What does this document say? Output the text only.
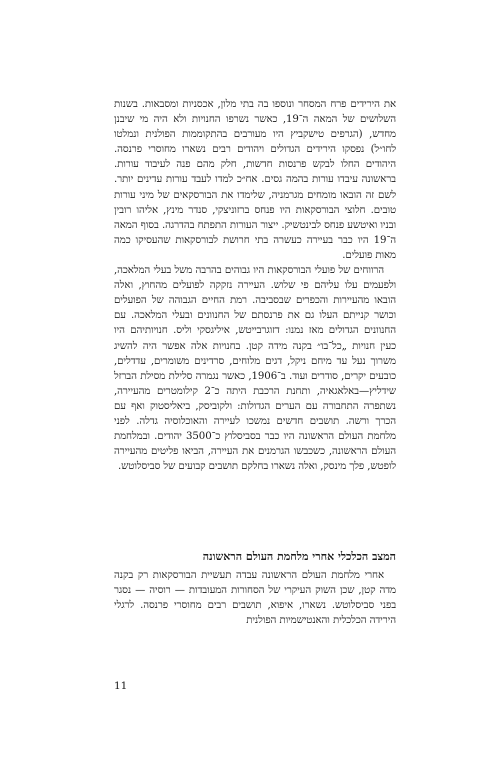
את הירידים פרח המסחר ונוספו בה בתי מלון, אכסניות ומסבאות. בשנות השלושים של המאה ה־19, כאשר נשרפו החנויות ולא היה מי שיבנן מחדש, (הגרפים טישקביץ היו מעורבים בהתקוממות הפולנית ונמלטו לחו״ל) נפסקו הירידים הגדולים ויהודים רבים נשארו מחוסרי פרנסה. היהודים החלו לבקש פרנסות חדשות, חלק מהם פנה לעיבוד עורות. בראשונה עיבדו עורות בהמה גסים. אח״כ למדו לעבד עורות עדינים יותר. לשם זה הובאו מומחים מגרמניה, שלימדו את הבורסקאים של מיני עורות טובים. חלוצי הבורסקאות היו פנחס ברזוניצקי, סנדר מינץ, אליהו רובין ובניו ואיטשע פנחס לבינטשיק. ייצור העורות התפתח בהדרגה. בסוף המאה ה־19 היו כבר בעיירה כעשרה בתי חרושת לבורסקאות שהעסיקו כמה מאות פועלים.

הרווחים של פועלי הבורסקאות היו גבוהים בהרבה משל בעלי המלאכה, ולפעמים עלו עליהם פי שלוש. העיירה נזקקה לפועלים מהחוץ, ואלה הובאו מהעיירות והכפרים שבסביבה. רמת החיים הגבוהה של הפועלים וכושר קנייתם העלו גם את פרנסתם של החנוונים ובעלי המלאכה. עם החנוונים הגדולים מאז נמנו: דזוגרבייטש, איליגסקי וליס. חנויותיהם היו כעין חנויות „כל־בו״ בקנה מידה קטן. בחנויות אלה אפשר היה להשיג משרוך נעל עד מיחם ניקל, דגים מלוחים, סרדינים משומרים, עדדלים, כובעים יקרים, סודרים ועוד. ב־1906, כאשר נגמרה סלילת מסילת הברזל שידליץ—באלאגאיה, ותחנת הרכבת היתה כ־2 קילומטרים מהעיירה, נשתפרה התחבורה עם הערים הגדולות: ולקוביסק, ביאליסטוק ואף עם הכרך ורשה. תושבים חדשים נמשכו לעיירה והאוכלוסיה גדלה. לפני מלחמת העולם הראשונה היו כבר בסביסלוץ כ־3500 יהודים. ובמלחמת העולם הראשונה, כשכבשו הגרמנים את העיירה, הביאו פליטים מהעיירה לופטש, פלך מינסק, ואלה נשארו בחלקם תושבים קבועים של סביסלוטש.

המצב הכלכלי אחרי מלחמת העולם הראשונה

אחרי מלחמת העולם הראשונה עבדה תעשיית הבורסקאות רק בקנה מדה קטן, שכן השוק העיקרי של הסחורות המעובדות — רוסיה — נסגר בפני סביסלוטש. נשארו, איפוא, תושבים רבים מחוסרי פרנסה. לרגלי הירידה הכלכלית והאנטישמיות הפולנית

11
